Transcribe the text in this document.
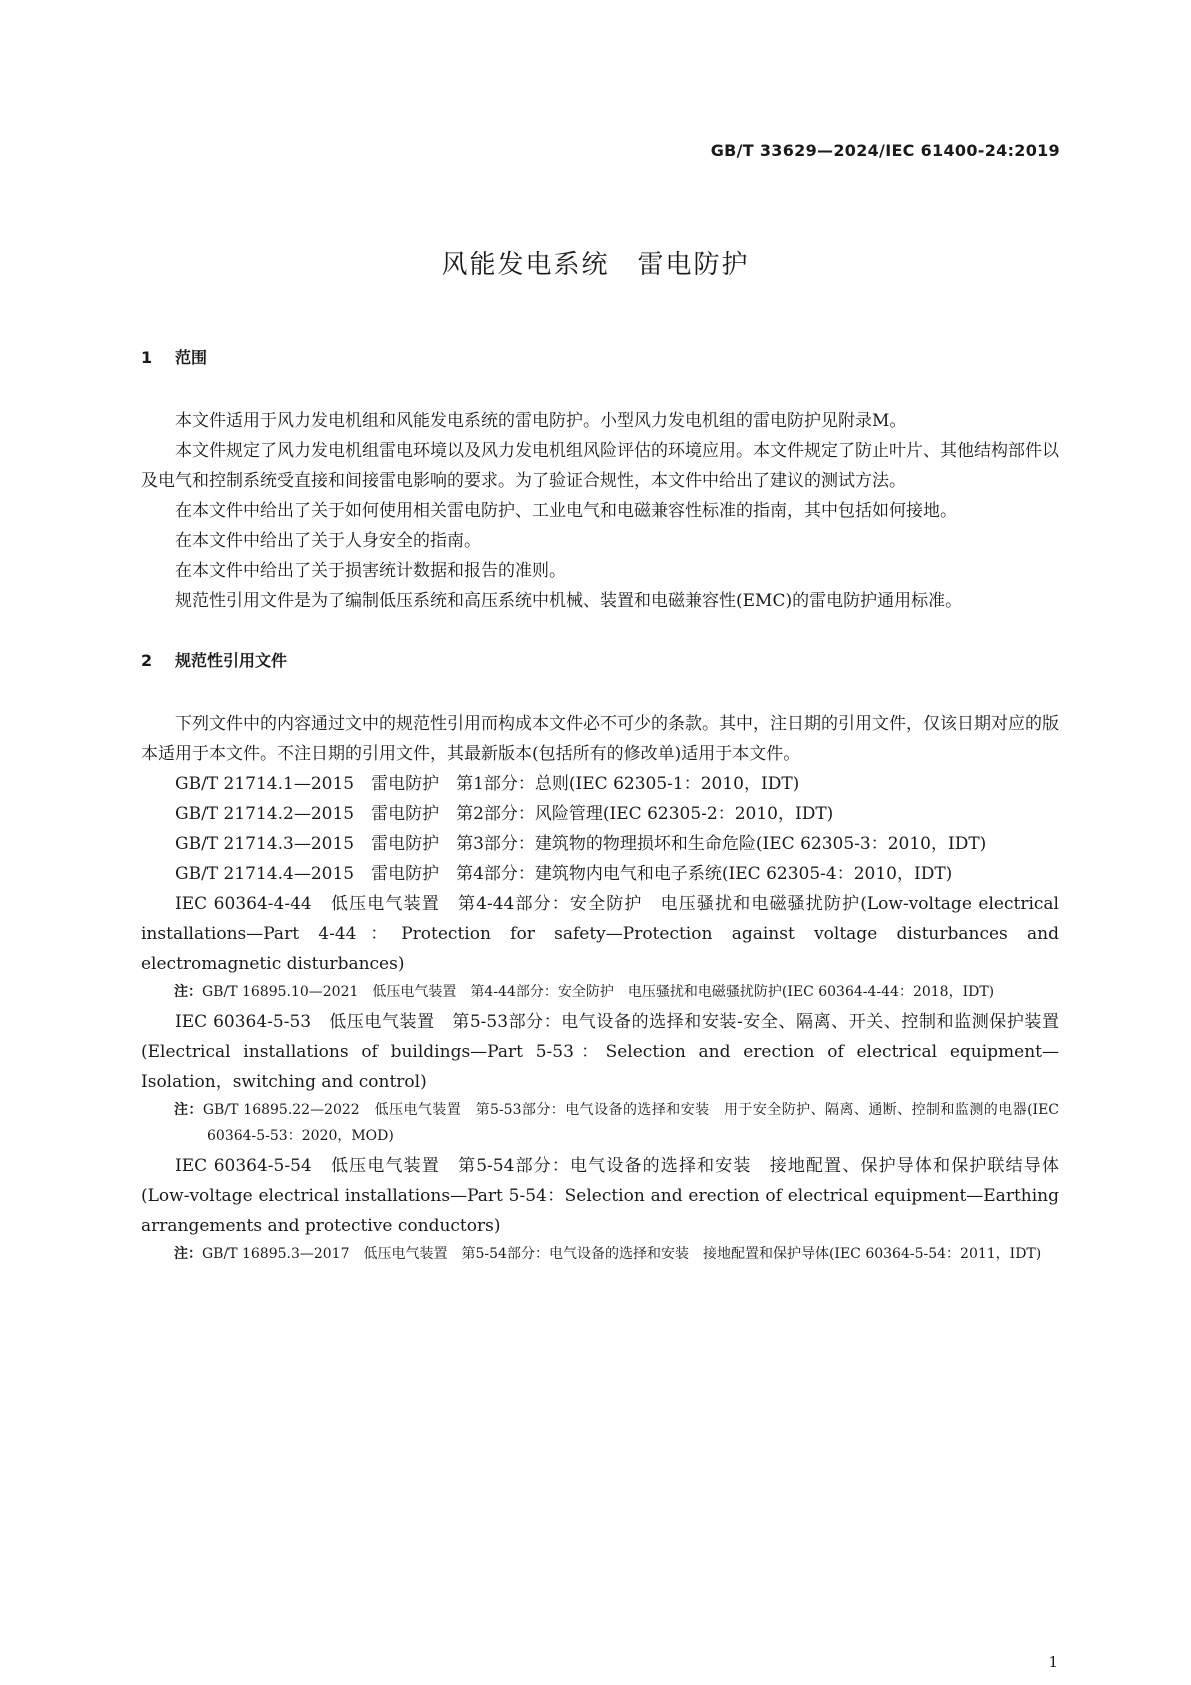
GB/T 33629—2024/IEC 61400-24:2019
风能发电系统　雷电防护
1 范围

本文件适用于风力发电机组和风能发电系统的雷电防护。小型风力发电机组的雷电防护见附录M。

本文件规定了风力发电机组雷电环境以及风力发电机组风险评估的环境应用。本文件规定了防止叶片、其他结构部件以及电气和控制系统受直接和间接雷电影响的要求。为了验证合规性，本文件中给出了建议的测试方法。

在本文件中给出了关于如何使用相关雷电防护、工业电气和电磁兼容性标准的指南，其中包括如何接地。

在本文件中给出了关于人身安全的指南。

在本文件中给出了关于损害统计数据和报告的准则。

规范性引用文件是为了编制低压系统和高压系统中机械、装置和电磁兼容性(EMC)的雷电防护通用标准。

2 规范性引用文件

下列文件中的内容通过文中的规范性引用而构成本文件必不可少的条款。其中，注日期的引用文件，仅该日期对应的版本适用于本文件。不注日期的引用文件，其最新版本(包括所有的修改单)适用于本文件。

GB/T 21714.1—2015　雷电防护　第1部分：总则(IEC 62305-1：2010，IDT)

GB/T 21714.2—2015　雷电防护　第2部分：风险管理(IEC 62305-2：2010，IDT)

GB/T 21714.3—2015　雷电防护　第3部分：建筑物的物理损坏和生命危险(IEC 62305-3：2010，IDT)

GB/T 21714.4—2015　雷电防护　第4部分：建筑物内电气和电子系统(IEC 62305-4：2010，IDT)

IEC 60364-4-44　低压电气装置　第4-44部分：安全防护　电压骚扰和电磁骚扰防护(Low-voltage electrical installations—Part 4-44：Protection for safety—Protection against voltage disturbances and electromagnetic disturbances)

注：GB/T 16895.10—2021　低压电气装置　第4-44部分：安全防护　电压骚扰和电磁骚扰防护(IEC 60364-4-44：2018，IDT)

IEC 60364-5-53　低压电气装置　第5-53部分：电气设备的选择和安装-安全、隔离、开关、控制和监测保护装置(Electrical installations of buildings—Part 5-53：Selection and erection of electrical equipment—Isolation，switching and control)

注：GB/T 16895.22—2022　低压电气装置　第5-53部分：电气设备的选择和安装　用于安全防护、隔离、通断、控制和监测的电器(IEC 60364-5-53：2020，MOD)

IEC 60364-5-54　低压电气装置　第5-54部分：电气设备的选择和安装　接地配置、保护导体和保护联结导体(Low-voltage electrical installations—Part 5-54：Selection and erection of electrical equipment—Earthing arrangements and protective conductors)

注：GB/T 16895.3—2017　低压电气装置　第5-54部分：电气设备的选择和安装　接地配置和保护导体(IEC 60364-5-54：2011，IDT)

1
